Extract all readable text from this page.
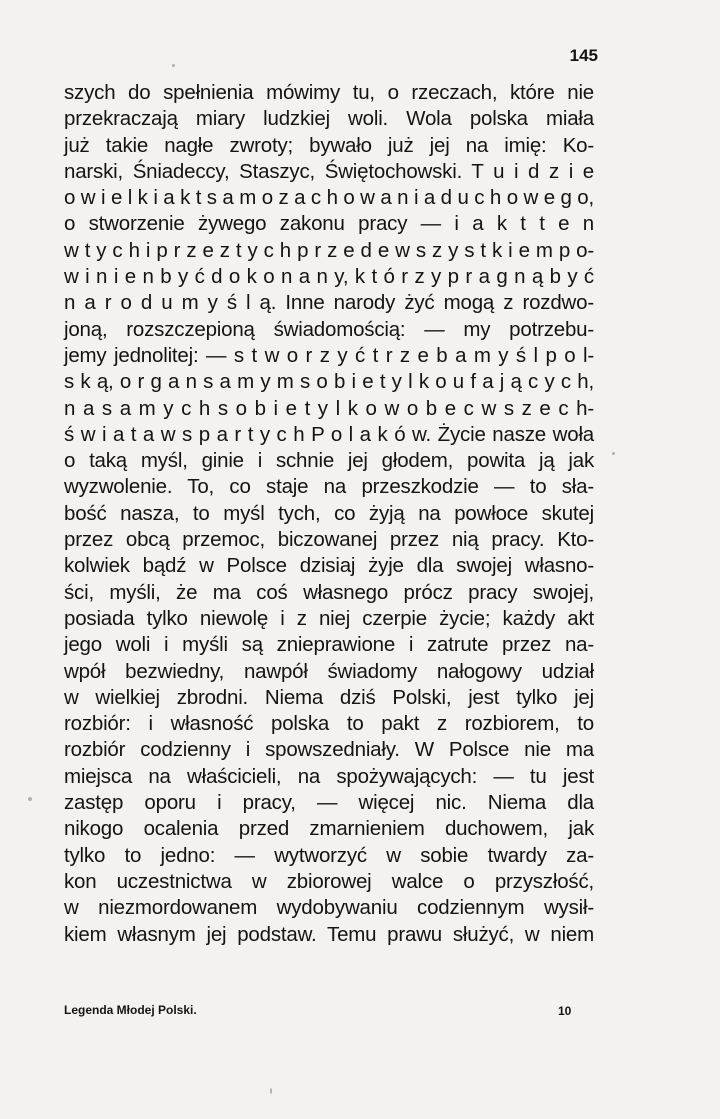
145
szych do spełnienia mówimy tu, o rzeczach, które nie
przekraczają miary ludzkiej woli. Wola polska miała
już takie nagłe zwroty; bywało już jej na imię: Ko-
narski, Śniadeccy, Staszyc, Świętochowski. T u i d z i e
o w i e l k i a k t s a m o z a c h o w a n i a d u c h o w e g o,
o stworzenie żywego zakonu pracy — i a k t t e n
w t y c h i p r z e z t y c h p r z e d e w s z y s t k i e m p o-
w i n i e n b y ć d o k o n a n y, k t ó r z y p r a g n ą b y ć
n a r o d u m y ś l ą. Inne narody żyć mogą z rozdwo-
joną, rozszczepioną świadomością: — my potrzebu-
jemy jednolitej: — s t w o r z y ć t r z e b a m y ś l p o l-
s k ą, o r g a n s a m y m s o b i e t y l k o u f a j ą c y c h,
n a s a m y c h s o b i e t y l k o w o b e c w s z e c h-
ś w i a t a w s p a r t y c h P o l a k ó w. Życie nasze woła
o taką myśl, ginie i schnie jej głodem, powita ją jak
wyzwolenie. To, co staje na przeszkodzie — to sła-
bość nasza, to myśl tych, co żyją na powłoce skutej
przez obcą przemoc, biczowanej przez nią pracy. Kto-
kolwiek bądź w Polsce dzisiaj żyje dla swojej własno-
ści, myśli, że ma coś własnego prócz pracy swojej,
posiada tylko niewolę i z niej czerpie życie; każdy akt
jego woli i myśli są znieprawione i zatrute przez na-
wpół bezwiedny, nawpół świadomy nałogowy udział
w wielkiej zbrodni. Niema dziś Polski, jest tylko jej
rozbiór: i własność polska to pakt z rozbiorem, to
rozbiór codzienny i spowszedniały. W Polsce nie ma
miejsca na właścicieli, na spożywających: — tu jest
zastęp oporu i pracy, — więcej nic. Niema dla
nikogo ocalenia przed zmarnieniem duchowem, jak
tylko to jedno: — wytworzyć w sobie twardy za-
kon uczestnictwa w zbiorowej walce o przyszłość,
w niezmordowanem wydobywaniu codziennym wysił-
kiem własnym jej podstaw. Temu prawu służyć, w niem
Legenda Młodej Polski.	10
